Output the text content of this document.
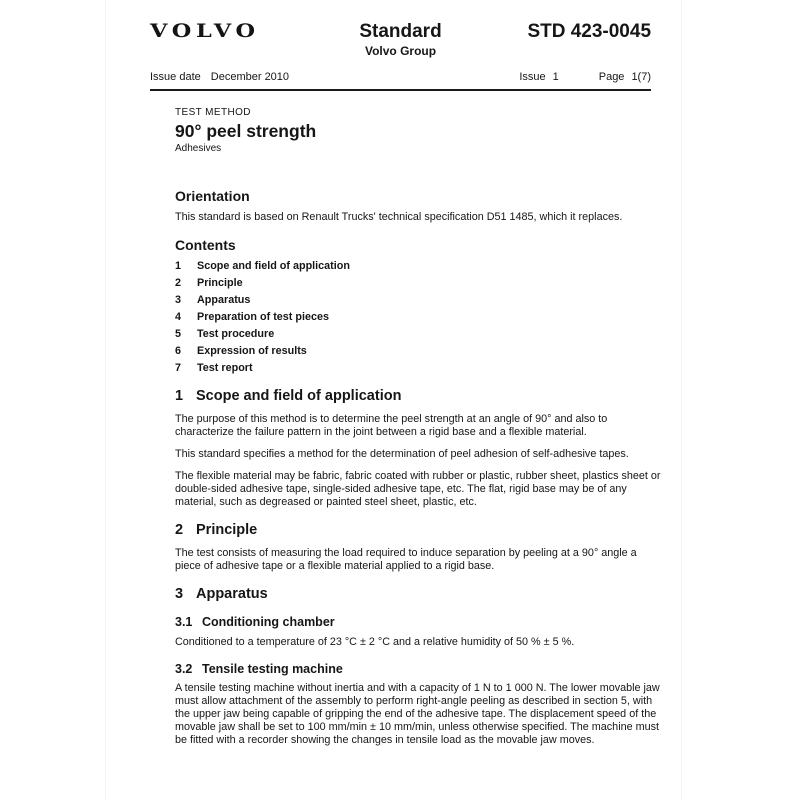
VOLVO	Standard
Volvo Group
STD 423-0045
Issue date December 2010	Issue 1	Page 1(7)
TEST METHOD
90° peel strength
Adhesives
Orientation

This standard is based on Renault Trucks' technical specification D51 1485, which it replaces.

Contents
1	Scope and field of application
2	Principle
3	Apparatus
4	Preparation of test pieces
5	Test procedure
6	Expression of results
7	Test report
1 Scope and field of application

The purpose of this method is to determine the peel strength at an angle of 90° and also to characterize the failure pattern in the joint between a rigid base and a flexible material.

This standard specifies a method for the determination of peel adhesion of self-adhesive tapes.

The flexible material may be fabric, fabric coated with rubber or plastic, rubber sheet, plastics sheet or double-sided adhesive tape, single-sided adhesive tape, etc. The flat, rigid base may be of any material, such as degreased or painted steel sheet, plastic, etc.

2 Principle

The test consists of measuring the load required to induce separation by peeling at a 90° angle a piece of adhesive tape or a flexible material applied to a rigid base.

3 Apparatus
3.1 Conditioning chamber

Conditioned to a temperature of 23 °C ± 2 °C and a relative humidity of 50 % ± 5 %.

3.2 Tensile testing machine

A tensile testing machine without inertia and with a capacity of 1 N to 1 000 N. The lower movable jaw must allow attachment of the assembly to perform right-angle peeling as described in section 5, with the upper jaw being capable of gripping the end of the adhesive tape. The displacement speed of the movable jaw shall be set to 100 mm/min ± 10 mm/min, unless otherwise specified. The machine must be fitted with a recorder showing the changes in tensile load as the movable jaw moves.
